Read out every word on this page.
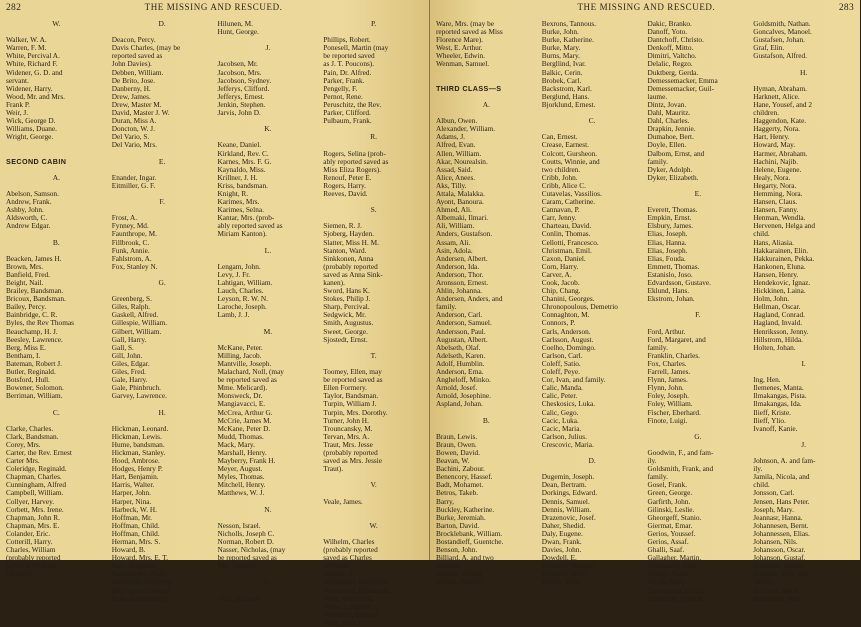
282	THE MISSING AND RESCUED.
W.

Walker, W. A.
Warren, F. M.
White, Percival A.
White, Richard F.
Widener, G. D. and
servant.
Widener, Harry.
Wood, Mr. and Mrs.
Frank P.
Weir, J.
Wick, George D.
Williams, Duane.
Wright, George.

SECOND CABIN

A.

Abelson, Samson.
Andrew, Frank.
Ashby, John.
Aldsworth, C.
Andrew Edgar.

B.

Beacken, James H.
Brown, Mrs.
Banfield, Fred.
Beight, Nail.
Brailey, Bandsman.
Bricoux, Bandsman.
Bailey, Percy.
Bainbridge, C. R.
Byles, the Rev Thomas
Beauchamp, H. J.
Beesley, Lawrence.
Berg, Miss E.
Bentham, I.
Bateman, Robert J.
Butler, Reginald.
Botsford, Hull.
Bowener, Solomon.
Berriman, William.

C.

Clarke, Charles.
Clark, Bandsman.
Corey, Mrs.
Carter, the Rev. Ernest
Carter Mrs.
Coleridge, Reginald.
Chapman, Charles.
Cunningham, Alfred
Campbell, William.
Collyer, Harvey.
Corbett, Mrs. Irene.
Chapman, John R.
Chapman, Mrs. E.
Colander, Eric.
Cotterill, Harry.
Charles, William
(probably reported
saved as William
Charles).
D.

Deacon, Percy.
Davis Charles, (may be
reported saved as
John Davies).
Debben, William.
De Brito, Jose.
Danberny, H.
Drew, James.
Drew, Master M.
David, Master J. W.
Duran, Miss A.
Doncton, W. J.
Del Vario, S.
Del Vario, Mrs.

E.

Enander, Ingar.
Eitmiller, G. F.

F.

Frost, A.
Fynney, Md.
Faunthrope, M.
Fillbrook, C.
Funk, Annie.
Fahlstrom, A.
Fox, Stanley N.

G.

Greenberg, S.
Giles, Ralph.
Gaskell, Alfred.
Gillespie, William.
Gilbert, William.
Gall, Harry.
Gall, S.
Gill, John.
Giles, Edgar.
Giles, Fred.
Gale, Harry.
Gale, Phinbruch.
Garvey, Lawrence.

H.

Hickman, Leonard.
Hickman, Lewis.
Hume, bandsman.
Hickman, Stanley.
Hood, Ambrose.
Hodges, Henry P.
Hart, Benjamin.
Harris, Walter.
Harper, John.
Harper, Nina.
Harbeck, W. H.
Hoffman, Mr.
Hoffman, Child.
Hoffman, Child.
Herman, Mrs. S.
Howard, B.
Howard, Mrs. E. T.
Hale, Reginald.
Hamatainen, Anna,
and infant son (prob-
ably reported saved
as Anna Hamilton).
Hilunen, M.
Hunt, George.

J.

Jacobsen, Mr.
Jacobson, Mrs.
Jacobson, Sydney.
Jefferys, Clifford.
Jefferys, Ernest.
Jenkin, Stephen.
Jarvis, John D.

K.

Keane, Daniel.
Kirkland, Rev. C.
Karnes, Mrs. F. G.
Kaynaldo, Miss.
Krillner, J. H.
Kriss, bandsman.
Knight, R.
Karimes, Mrs.
Karimes, Selna.
Kantar, Mrs. (prob-
ably reported saved as
Miriam Kanton).

L.

Lengam, John.
Levy, J. Fr.
Lahtigan, William.
Lauch, Charles.
Leyson, R. W. N.
Laroche, Joseph.
Lamb, J. J.

M.

McKane, Peter.
Milling, Jacob.
Mantville, Joseph.
Malachard, Noll, (may
be reported saved as
Mme. Melicard).
Monsweck, Dr.
Mangiavacci, E.
McCrea, Arthur G.
McCrie, James M.
McKane, Peter D.
Mudd, Thomas.
Mack, Mary.
Marshall, Henry.
Mayberry, Frank H.
Meyer, August.
Myles, Thomas.
Mitchell, Henry.
Matthews, W. J.

N.

Nesson, Israel.
Nicholls, Joseph C.
Norman, Robert D.
Nasser, Nicholas, (may
be reported saved as
Mrs. Nasser).

O.

Otter, Richard.
P.

Phillips, Robert.
Ponesell, Martin (may
be reported saved
as J. T. Poucons).
Pain, Dr. Alfred.
Parker, Frank.
Pengelly, F.
Pernot, Rene.
Peruschitz, the Rev.
Parker, Clifford.
Pulbaum, Frank.

R.

Rogers, Selina (prob-
ably reported saved as
Miss Eliza Rogers).
Renouf, Peter E.
Rogers, Harry.
Reeves, David.

S.

Siemen, R. J.
Sjoberg, Hayden.
Slatter, Miss H. M.
Stanton, Ward.
Sinkkonen, Anna
(probably reported
saved as Anna Sink-
kanen).
Sword, Hans K.
Stokes, Philip J.
Sharp, Percival.
Sedgwick, Mr.
Smith, Augustus.
Sweet, George.
Sjostedt, Ernst.

T.

Toomey, Ellen, may
be reported saved as
Ellen Formery.
Taylor, Bandsman.
Turpin, William J.
Turpin, Mrs. Dorothy.
Turner, John H.
Trouncansky, M.
Tervan, Mrs. A.
Traut, Mrs. Jesse
(probably reported
saved as Mrs. Jessie
Traut).

V.

Veale, James.

W.

Wilhelm, Charles
(probably reported
saved as Charles
Williams.
Watson, E.
Woodward, Benjamin
Woodward, Bandsman.
Ware, William C.
Weise, Leopold.
Wheadon, Edward.
Ware, John J.
THE MISSING AND RESCUED.	283
Ware, Mrs. (may be
reported saved as Miss
Florence Mare).
West, E. Arthur.
Wheeler, Edwin.
Wenman, Samuel.

THIRD CLASS—S

A.

Albun, Owen.
Alexander, William.
Adams, J.
Alfred, Evan.
Allen, William.
Akar, Nourealsin.
Assad, Said.
Alice, Anees.
Aks, Tilly.
Attala, Malakka.
Ayont, Banoura.
Ahmed, Ali.
Albemaki, Ilmari.
Ali, William.
Anders, Gustafson.
Assam, Ali.
Asin, Adola.
Andersen, Albert.
Anderson, Ida.
Anderson, Thor.
Aronsson, Ernest.
Ahlin, Johanna.
Andersen, Anders, and
family.
Anderson, Carl.
Anderson, Samuel.
Andersson, Paul.
Augustan, Albert.
Abelseth, Olaf.
Adelseth, Karen.
Adolf, Humblin.
Anderson, Erna.
Angheloff, Minko.
Arnold, Josef.
Arnold, Josephine.
Aspland, Johan.

B.

Braun, Lewis.
Braun, Owen.
Bowen, David.
Beavan, W.
Bachini, Zabour.
Benencory, Hassef.
Badt, Mohamet.
Betros, Takeb.
Barry,
Buckley, Katherine.
Burke, Jeremiah.
Barton, David.
Brocklebank, William.
Bostandieff, Guentche.
Benson, John.
Billiard, A. and two
children.
Bonitos, Hanna.
Bacoss, Boulos.
Bexrons, Tannous.
Burke, John.
Burke, Katherine.
Burke, Mary.
Burns, Mary.
Bergllind, Ivar.
Balkic, Cerin.
Brobek, Carl.
Backstrom, Karl.
Berglund, Hans.
Bjorklund, Ernest.

C.

Can, Ernest.
Crease, Earnest.
Colcott, Gursheon.
Coutts, Winnie, and
two children.
Cribb, John.
Cribb, Alice C.
Cutavelas, Vassilios.
Caram, Catherine.
Cannavan, P.
Carr, Jenny.
Charteau, David.
Conlin, Thomas.
Cellotti, Francesco.
Christman, Emil.
Caxon, Daniel.
Corn, Harry.
Carver, A.
Cook, Jacob.
Chip, Chang.
Chanini, Georges.
Chronopoulous, Demetrio
Connaghton, M.
Connors, P.
Carls, Anderson.
Carlsson, August.
Coelho, Domingo.
Carlson, Carl.
Coleff, Satio.
Coleff, Peye.
Cor, Ivan, and family.
Calic, Manda.
Calic, Peter.
Cheskosics, Luka.
Calic, Gego.
Cacic, Luka.
Cacic, Maria.
Carlson, Julius.
Crescovic, Maria.

D.

Dugemin, Joseph.
Dean, Bertram.
Dorkings, Edward.
Dennis, Samuel.
Dennis, William.
Drazenovic, Josef.
Daher, Shedid.
Daly, Eugene.
Dwan, Frank.
Davies, John.
Dowdell, E.
Davison, Thomas.
Davison, Mary.
Dwyer, Tillie.
Dakic, Branko.
Danoff, Yoto.
Dantchoff, Christo.
Denkoff, Mitto.
Dimitri, Valtcho.
Delalic, Regzo.
Duktberg, Gerda.
Demessemacker, Emma
Demessemacker, Guil-
laume.
Dintz, Jovan.
Dahl, Mauritz.
Dahl, Charles.
Drapkin, Jennie.
Dumahoe, Bert.
Doyle, Ellen.
Dalbom, Ernst, and
family.
Dyker, Adolph.
Dyker, Elizabeth.

E.

Everett, Thomas.
Empkin, Ernst.
Elsbury, James.
Elias, Joseph.
Elias, Hanna.
Elias, Joseph.
Elias, Fouda.
Emmett, Thomas.
Estanislo, Joso.
Edvardsson, Gustave.
Eklund, Hans.
Ekstrom, Johan.

F.

Ford, Arthur.
Ford, Margaret, and
family.
Franklin, Charles.
Fox, Charles.
Farrell, James.
Flynn, James.
Flynn, John.
Foley, Joseph.
Foley, William.
Fischer, Eberhard.
Finote, Luigi.

G.

Goodwin, F., and fam-
ily.
Goldsmith, Frank, and
family.
Gosel, Frank.
Green, George.
Garfirth, John.
Gilinski, Leslie.
Gheorgeff, Stanio.
Giermat, Emar.
Gerios, Youssef.
Gerios, Assaf.
Ghalli, Saaf.
Gallagher, Martin.
Gussmann, Alex.
Ginagh, Katie.
Glynn, Mary.
Gronnestad, Daniel.
Gustafsch, Gideon.
Goldsmith, Nathan.
Goncalves, Manoel.
Gustafsen, Johan.
Graf, Elin.
Gustafson, Alfred.

H.

Hyman, Abraham.
Harknett, Alice.
Hane, Yousef, and 2
children.
Haggendon, Kate.
Haggerty, Nora.
Hart, Henry.
Howard, May.
Harmer, Abraham.
Hachini, Najib.
Helene, Eugene.
Healy, Nora.
Hegarty, Nora.
Hemming, Nora.
Hansen, Claus.
Hansen, Fanny.
Henman, Wendla.
Hervenen, Helga and
child.
Hans, Aliasia.
Hakkarainen, Elin.
Hakkurainen, Pekka.
Hankonen, Eluna.
Hansen, Henry.
Hendekovic, Ignaz.
Hickkinen, Laina.
Holm, John.
Hellman, Oscar.
Hagland, Conrad.
Hagland, Invald.
Henriksson, Jenny.
Hillstrom, Hilda.
Holten, Johan.

I.

Ing, Hen.
Ilemenes, Manta.
Ilmakangas, Pista.
Ilmakangas, Ida.
Ilieff, Kriste.
Ilieff, Ylio.
Ivanoff, Kanie.

J.

Johnson, A. and fam-
ily.
Jamila, Nicola, and
child.
Jonsson, Carl.
Jensen, Hans Peter.
Joseph, Mary.
Jeannasr, Hanna.
Johannesen, Bernt.
Johannessen, Elias.
Johansen, Nils.
Johansson, Oscar.
Johanson, Gustaf.
Johnsson, Malkar.
Johnson, Ellis, and
family.
Johnson, Jakob.
Johansson, Nils.
